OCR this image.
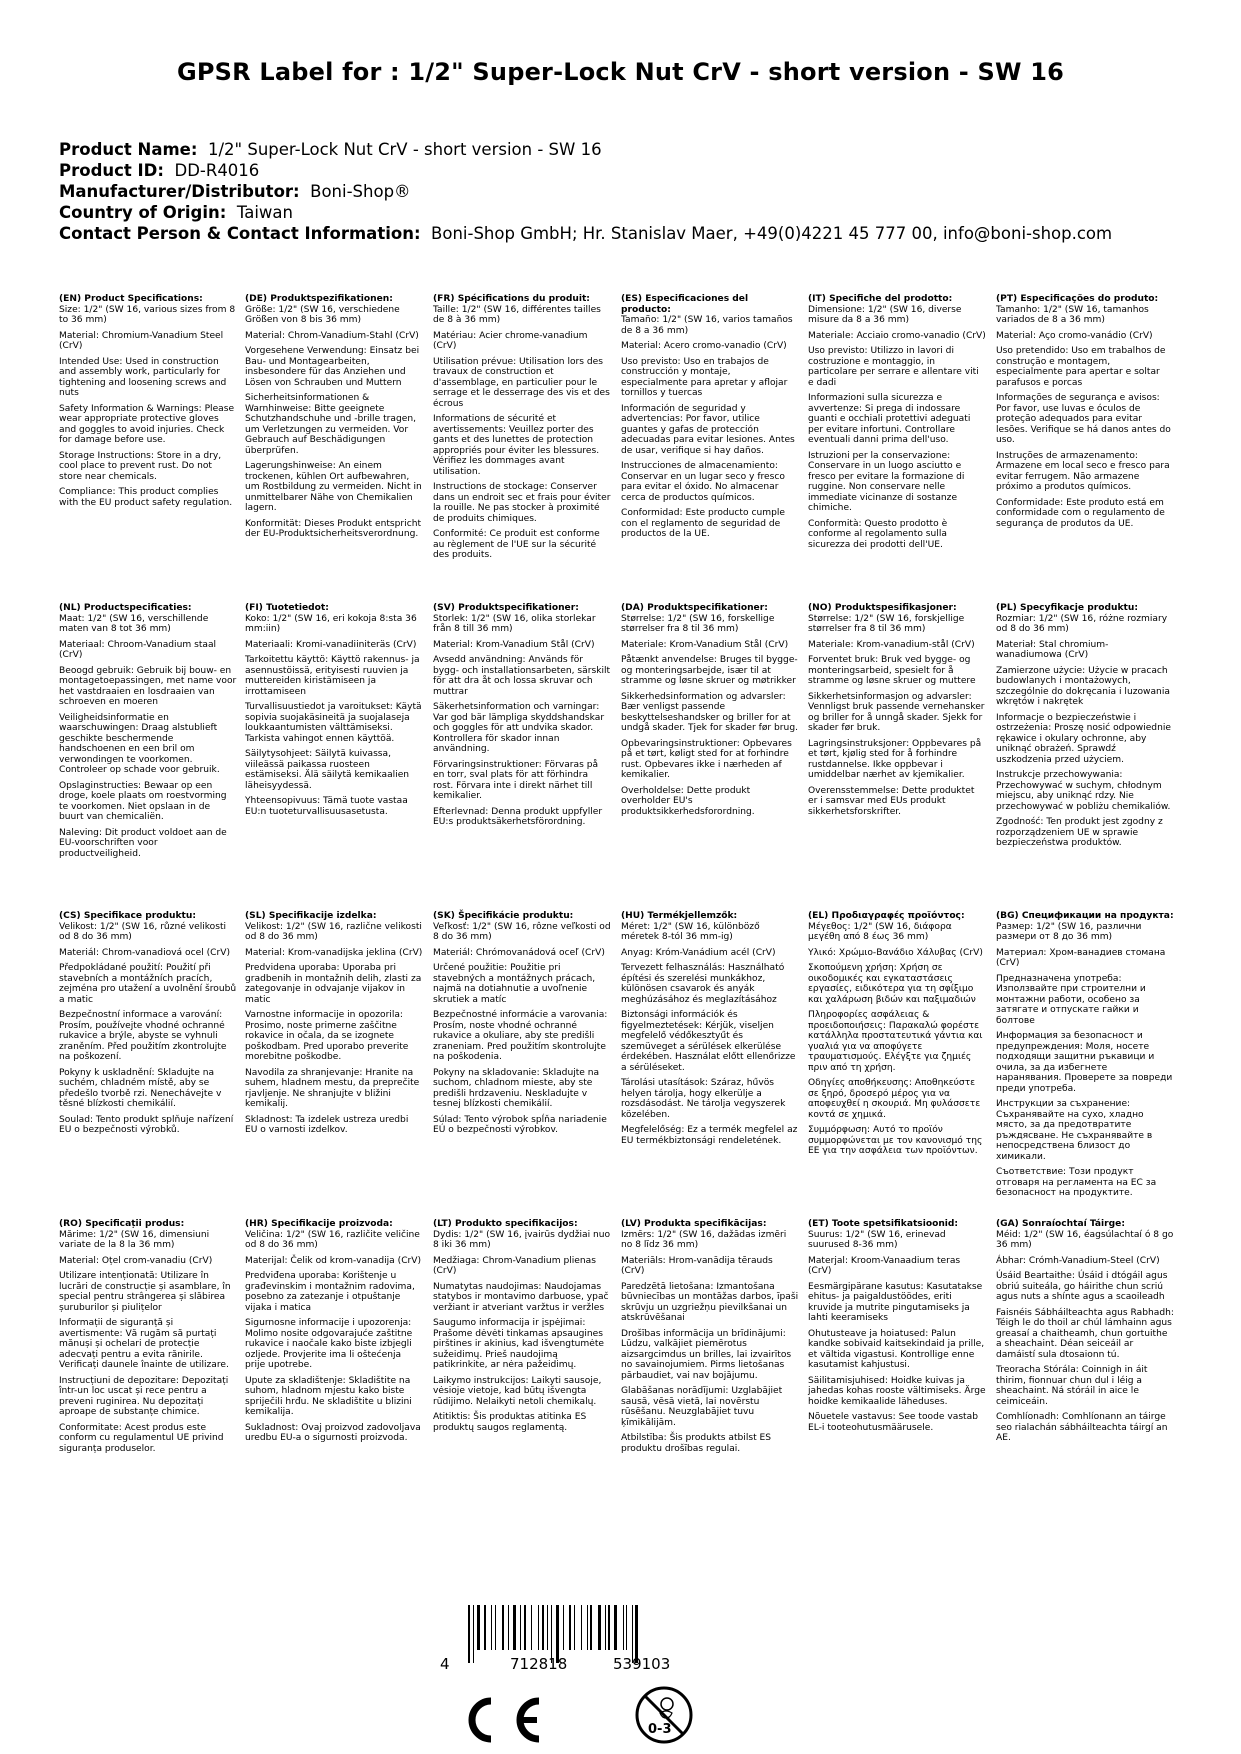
GPSR Label for : 1/2" Super-Lock Nut CrV - short version - SW 16
Product Name: 1/2" Super-Lock Nut CrV - short version - SW 16
Product ID: DD-R4016
Manufacturer/Distributor: Boni-Shop®
Country of Origin: Taiwan
Contact Person & Contact Information: Boni-Shop GmbH; Hr. Stanislav Maer, +49(0)4221 45 777 00, info@boni-shop.com
(EN) Product Specifications:

Size: 1/2" (SW 16, various sizes from 8 to 36 mm)

Material: Chromium-Vanadium Steel (CrV)

Intended Use: Used in construction and assembly work, particularly for tightening and loosening screws and nuts

Safety Information & Warnings: Please wear appropriate protective gloves and goggles to avoid injuries. Check for damage before use.

Storage Instructions: Store in a dry, cool place to prevent rust. Do not store near chemicals.

Compliance: This product complies with the EU product safety regulation.

(DE) Produktspezifikationen:

Größe: 1/2" (SW 16, verschiedene Größen von 8 bis 36 mm)

Material: Chrom-Vanadium-Stahl (CrV)

Vorgesehene Verwendung: Einsatz bei Bau- und Montagearbeiten, insbesondere für das Anziehen und Lösen von Schrauben und Muttern

Sicherheitsinformationen & Warnhinweise: Bitte geeignete Schutzhandschuhe und -brille tragen, um Verletzungen zu vermeiden. Vor Gebrauch auf Beschädigungen überprüfen.

Lagerungshinweise: An einem trockenen, kühlen Ort aufbewahren, um Rostbildung zu vermeiden. Nicht in unmittelbarer Nähe von Chemikalien lagern.

Konformität: Dieses Produkt entspricht der EU-Produktsicherheitsverordnung.

(FR) Spécifications du produit:

Taille: 1/2" (SW 16, différentes tailles de 8 à 36 mm)

Matériau: Acier chrome-vanadium (CrV)

Utilisation prévue: Utilisation lors des travaux de construction et d'assemblage, en particulier pour le serrage et le desserrage des vis et des écrous

Informations de sécurité et avertissements: Veuillez porter des gants et des lunettes de protection appropriés pour éviter les blessures. Vérifiez les dommages avant utilisation.

Instructions de stockage: Conserver dans un endroit sec et frais pour éviter la rouille. Ne pas stocker à proximité de produits chimiques.

Conformité: Ce produit est conforme au règlement de l'UE sur la sécurité des produits.

(ES) Especificaciones del producto:

Tamaño: 1/2" (SW 16, varios tamaños de 8 a 36 mm)

Material: Acero cromo-vanadio (CrV)

Uso previsto: Uso en trabajos de construcción y montaje, especialmente para apretar y aflojar tornillos y tuercas

Información de seguridad y advertencias: Por favor, utilice guantes y gafas de protección adecuadas para evitar lesiones. Antes de usar, verifique si hay daños.

Instrucciones de almacenamiento: Conservar en un lugar seco y fresco para evitar el óxido. No almacenar cerca de productos químicos.

Conformidad: Este producto cumple con el reglamento de seguridad de productos de la UE.

(IT) Specifiche del prodotto:

Dimensione: 1/2" (SW 16, diverse misure da 8 a 36 mm)

Materiale: Acciaio cromo-vanadio (CrV)

Uso previsto: Utilizzo in lavori di costruzione e montaggio, in particolare per serrare e allentare viti e dadi

Informazioni sulla sicurezza e avvertenze: Si prega di indossare guanti e occhiali protettivi adeguati per evitare infortuni. Controllare eventuali danni prima dell'uso.

Istruzioni per la conservazione: Conservare in un luogo asciutto e fresco per evitare la formazione di ruggine. Non conservare nelle immediate vicinanze di sostanze chimiche.

Conformità: Questo prodotto è conforme al regolamento sulla sicurezza dei prodotti dell'UE.

(PT) Especificações do produto:

Tamanho: 1/2" (SW 16, tamanhos variados de 8 a 36 mm)

Material: Aço cromo-vanádio (CrV)

Uso pretendido: Uso em trabalhos de construção e montagem, especialmente para apertar e soltar parafusos e porcas

Informações de segurança e avisos: Por favor, use luvas e óculos de proteção adequados para evitar lesões. Verifique se há danos antes do uso.

Instruções de armazenamento: Armazene em local seco e fresco para evitar ferrugem. Não armazene próximo a produtos químicos.

Conformidade: Este produto está em conformidade com o regulamento de segurança de produtos da UE.

(NL) Productspecificaties:

Maat: 1/2" (SW 16, verschillende maten van 8 tot 36 mm)

Materiaal: Chroom-Vanadium staal (CrV)

Beoogd gebruik: Gebruik bij bouw- en montagetoepassingen, met name voor het vastdraaien en losdraaien van schroeven en moeren

Veiligheidsinformatie en waarschuwingen: Draag alstublieft geschikte beschermende handschoenen en een bril om verwondingen te voorkomen. Controleer op schade voor gebruik.

Opslaginstructies: Bewaar op een droge, koele plaats om roestvorming te voorkomen. Niet opslaan in de buurt van chemicaliën.

Naleving: Dit product voldoet aan de EU-voorschriften voor productveiligheid.

(FI) Tuotetiedot:

Koko: 1/2" (SW 16, eri kokoja 8:sta 36 mm:iin)

Materiaali: Kromi-vanadiiniteräs (CrV)

Tarkoitettu käyttö: Käyttö rakennus- ja asennustöissä, erityisesti ruuvien ja muttereiden kiristämiseen ja irrottamiseen

Turvallisuustiedot ja varoitukset: Käytä sopivia suojakäsineitä ja suojalaseja loukkaantumisten välttämiseksi. Tarkista vahingot ennen käyttöä.

Säilytysohjeet: Säilytä kuivassa, viileässä paikassa ruosteen estämiseksi. Älä säilytä kemikaalien läheisyydessä.

Yhteensopivuus: Tämä tuote vastaa EU:n tuoteturvallisuusasetusta.

(SV) Produktspecifikationer:

Storlek: 1/2" (SW 16, olika storlekar från 8 till 36 mm)

Material: Krom-Vanadium Stål (CrV)

Avsedd användning: Används för bygg- och installationsarbeten, särskilt för att dra åt och lossa skruvar och muttrar

Säkerhetsinformation och varningar: Var god bär lämpliga skyddshandskar och goggles för att undvika skador. Kontrollera för skador innan användning.

Förvaringsinstruktioner: Förvaras på en torr, sval plats för att förhindra rost. Förvara inte i direkt närhet till kemikalier.

Efterlevnad: Denna produkt uppfyller EU:s produktsäkerhetsförordning.

(DA) Produktspecifikationer:

Størrelse: 1/2" (SW 16, forskellige størrelser fra 8 til 36 mm)

Materiale: Krom-Vanadium Stål (CrV)

Påtænkt anvendelse: Bruges til bygge- og monteringsarbejde, især til at stramme og løsne skruer og møtrikker

Sikkerhedsinformation og advarsler: Bær venligst passende beskyttelseshandsker og briller for at undgå skader. Tjek for skader før brug.

Opbevaringsinstruktioner: Opbevares på et tørt, køligt sted for at forhindre rust. Opbevares ikke i nærheden af kemikalier.

Overholdelse: Dette produkt overholder EU's produktsikkerhedsforordning.

(NO) Produktspesifikasjoner:

Størrelse: 1/2" (SW 16, forskjellige størrelser fra 8 til 36 mm)

Materiale: Krom-vanadium-stål (CrV)

Forventet bruk: Bruk ved bygge- og monteringsarbeid, spesielt for å stramme og løsne skruer og muttere

Sikkerhetsinformasjon og advarsler: Vennligst bruk passende vernehansker og briller for å unngå skader. Sjekk for skader før bruk.

Lagringsinstruksjoner: Oppbevares på et tørt, kjølig sted for å forhindre rustdannelse. Ikke oppbevar i umiddelbar nærhet av kjemikalier.

Overensstemmelse: Dette produktet er i samsvar med EUs produkt sikkerhetsforskrifter.

(PL) Specyfikacje produktu:

Rozmiar: 1/2" (SW 16, różne rozmiary od 8 do 36 mm)

Materiał: Stal chromium-wanadiumowa (CrV)

Zamierzone użycie: Użycie w pracach budowlanych i montażowych, szczególnie do dokręcania i luzowania wkrętów i nakrętek

Informacje o bezpieczeństwie i ostrzeżenia: Proszę nosić odpowiednie rękawice i okulary ochronne, aby uniknąć obrażeń. Sprawdź uszkodzenia przed użyciem.

Instrukcje przechowywania: Przechowywać w suchym, chłodnym miejscu, aby uniknąć rdzy. Nie przechowywać w pobliżu chemikaliów.

Zgodność: Ten produkt jest zgodny z rozporządzeniem UE w sprawie bezpieczeństwa produktów.

(CS) Specifikace produktu:

Velikost: 1/2" (SW 16, různé velikosti od 8 do 36 mm)

Materiál: Chrom-vanadiová ocel (CrV)

Předpokládané použití: Použití při stavebních a montážních pracích, zejména pro utažení a uvolnění šroubů a matic

Bezpečnostní informace a varování: Prosím, používejte vhodné ochranné rukavice a brýle, abyste se vyhnuli zraněním. Před použitím zkontrolujte na poškození.

Pokyny k uskladnění: Skladujte na suchém, chladném místě, aby se předešlo tvorbě rzi. Nenechávejte v těsné blízkosti chemikálií.

Soulad: Tento produkt splňuje nařízení EU o bezpečnosti výrobků.

(SL) Specifikacije izdelka:

Velikost: 1/2" (SW 16, različne velikosti od 8 do 36 mm)

Material: Krom-vanadijska jeklina (CrV)

Predvidena uporaba: Uporaba pri gradbenih in montažnih delih, zlasti za zategovanje in odvajanje vijakov in matic

Varnostne informacije in opozorila: Prosimo, noste primerne zaščitne rokavice in očala, da se izognete poškodbam. Pred uporabo preverite morebitne poškodbe.

Navodila za shranjevanje: Hranite na suhem, hladnem mestu, da preprečite rjavljenje. Ne shranjujte v bližini kemikalij.

Skladnost: Ta izdelek ustreza uredbi EU o varnosti izdelkov.

(SK) Špecifikácie produktu:

Veľkosť: 1/2" (SW 16, rôzne veľkosti od 8 do 36 mm)

Materiál: Chrómovanádová oceľ (CrV)

Určené použitie: Použitie pri stavebných a montážnych prácach, najmä na dotiahnutie a uvoľnenie skrutiek a matíc

Bezpečnostné informácie a varovania: Prosím, noste vhodné ochranné rukavice a okuliare, aby ste predišli zraneniam. Pred použitím skontrolujte na poškodenia.

Pokyny na skladovanie: Skladujte na suchom, chladnom mieste, aby ste predišli hrdzaveniu. Neskladujte v tesnej blízkosti chemikálií.

Súlad: Tento výrobok spĺňa nariadenie EÚ o bezpečnosti výrobkov.

(HU) Termékjellemzők:

Méret: 1/2" (SW 16, különböző méretek 8-tól 36 mm-ig)

Anyag: Króm-Vanádium acél (CrV)

Tervezett felhasználás: Használható építési és szerelési munkákhoz, különösen csavarok és anyák meghúzásához és meglazításához

Biztonsági információk és figyelmeztetések: Kérjük, viseljen megfelelő védőkesztyűt és szemüveget a sérülések elkerülése érdekében. Használat előtt ellenőrizze a sérüléseket.

Tárolási utasítások: Száraz, hűvös helyen tárolja, hogy elkerülje a rozsdásodást. Ne tárolja vegyszerek közelében.

Megfelelőség: Ez a termék megfelel az EU termékbiztonsági rendeletének.

(EL) Προδιαγραφές προϊόντος:

Μέγεθος: 1/2" (SW 16, διάφορα μεγέθη από 8 έως 36 mm)

Υλικό: Χρώμιο-Βανάδιο Χάλυβας (CrV)

Σκοπούμενη χρήση: Χρήση σε οικοδομικές και εγκαταστάσεις εργασίες, ειδικότερα για τη σφίξιμο και χαλάρωση βιδών και παξιμαδιών

Πληροφορίες ασφάλειας & προειδοποιήσεις: Παρακαλώ φορέστε κατάλληλα προστατευτικά γάντια και γυαλιά για να αποφύγετε τραυματισμούς. Ελέγξτε για ζημιές πριν από τη χρήση.

Οδηγίες αποθήκευσης: Αποθηκεύστε σε ξηρό, δροσερό μέρος για να αποφευχθεί η σκουριά. Μη φυλάσσετε κοντά σε χημικά.

Συμμόρφωση: Αυτό το προϊόν συμμορφώνεται με τον κανονισμό της ΕΕ για την ασφάλεια των προϊόντων.

(BG) Спецификации на продукта:

Размер: 1/2" (SW 16, различни размери от 8 до 36 mm)

Материал: Хром-ванадиев стомана (CrV)

Предназначена употреба: Използвайте при строителни и монтажни работи, особено за затягате и отпускате гайки и болтове

Информация за безопасност и предупреждения: Моля, носете подходящи защитни ръкавици и очила, за да избегнете наранявания. Проверете за повреди преди употреба.

Инструкции за съхранение: Съхранявайте на сухо, хладно място, за да предотвратите ръждясване. Не съхранявайте в непосредствена близост до химикали.

Съответствие: Този продукт отговаря на регламента на ЕС за безопасност на продуктите.

(RO) Specificații produs:

Mărime: 1/2" (SW 16, dimensiuni variate de la 8 la 36 mm)

Material: Oțel crom-vanadiu (CrV)

Utilizare intenționată: Utilizare în lucrări de construcție și asamblare, în special pentru strângerea și slăbirea șuruburilor și piulițelor

Informații de siguranță și avertismente: Vă rugăm să purtați mănuși și ochelari de protecție adecvați pentru a evita rănirile. Verificați daunele înainte de utilizare.

Instrucțiuni de depozitare: Depozitați într-un loc uscat și rece pentru a preveni ruginirea. Nu depozitați aproape de substanțe chimice.

Conformitate: Acest produs este conform cu regulamentul UE privind siguranța produselor.

(HR) Specifikacije proizvoda:

Veličina: 1/2" (SW 16, različite veličine od 8 do 36 mm)

Materijal: Čelik od krom-vanadija (CrV)

Predviđena uporaba: Korištenje u građevinskim i montažnim radovima, posebno za zatezanje i otpuštanje vijaka i matica

Sigurnosne informacije i upozorenja: Molimo nosite odgovarajuće zaštitne rukavice i naočale kako biste izbjegli ozljede. Provjerite ima li oštećenja prije upotrebe.

Upute za skladištenje: Skladištite na suhom, hladnom mjestu kako biste spriječili hrđu. Ne skladištite u blizini kemikalija.

Sukladnost: Ovaj proizvod zadovoljava uredbu EU-a o sigurnosti proizvoda.

(LT) Produkto specifikacijos:

Dydis: 1/2" (SW 16, įvairūs dydžiai nuo 8 iki 36 mm)

Medžiaga: Chrom-Vanadium plienas (CrV)

Numatytas naudojimas: Naudojamas statybos ir montavimo darbuose, ypač veržiant ir atveriant varžtus ir veržles

Saugumo informacija ir įspėjimai: Prašome dėvėti tinkamas apsaugines pirštines ir akinius, kad išvengtumėte sužeidimų. Prieš naudojimą patikrinkite, ar nėra pažeidimų.

Laikymo instrukcijos: Laikyti sausoje, vėsioje vietoje, kad būtų išvengta rūdijimo. Nelaikyti netoli chemikalų.

Atitiktis: Šis produktas atitinka ES produktų saugos reglamentą.

(LV) Produkta specifikācijas:

Izmērs: 1/2" (SW 16, dažādas izmēri no 8 līdz 36 mm)

Materiāls: Hrom-vanādija tērauds (CrV)

Paredzētā lietošana: Izmantošana būvniecības un montāžas darbos, īpaši skrūvju un uzgriežņu pievilkšanai un atskrūvēšanai

Drošības informācija un brīdinājumi: Lūdzu, valkājiet piemērotus aizsargcimdus un brilles, lai izvairītos no savainojumiem. Pirms lietošanas pārbaudiet, vai nav bojājumu.

Glabāšanas norādījumi: Uzglabājiet sausā, vēsā vietā, lai novērstu rūsēšanu. Neuzglabājiet tuvu ķīmikālijām.

Atbilstība: Šis produkts atbilst ES produktu drošības regulai.

(ET) Toote spetsifikatsioonid:

Suurus: 1/2" (SW 16, erinevad suurused 8-36 mm)

Materjal: Kroom-Vanaadium teras (CrV)

Eesmärgipärane kasutus: Kasutatakse ehitus- ja paigaldustöödes, eriti kruvide ja mutrite pingutamiseks ja lahti keeramiseks

Ohutusteave ja hoiatused: Palun kandke sobivaid kaitsekindaid ja prille, et vältida vigastusi. Kontrollige enne kasutamist kahjustusi.

Säilitamisjuhised: Hoidke kuivas ja jahedas kohas rooste vältimiseks. Ärge hoidke kemikaalide läheduses.

Nõuetele vastavus: See toode vastab EL-i tooteohutusmäärusele.

(GA) Sonraíochtaí Táirge:

Méid: 1/2" (SW 16, éagsúlachtaí ó 8 go 36 mm)

Ábhar: Crómh-Vanadium-Steel (CrV)

Úsáid Beartaithe: Úsáid i dtógáil agus obriú suiteála, go háirithe chun scriú agus nuts a shínte agus a scaoileadh

Faisnéis Sábháilteachta agus Rabhadh: Téigh le do thoil ar chúl lámhainn agus greasaí a chaitheamh, chun gortuithe a sheachaint. Déan seiceáil ar damáistí sula dtosaionn tú.

Treoracha Stórála: Coinnigh in áit thirim, fionnuar chun dul i léig a sheachaint. Ná stóráil in aice le ceimiceáin.

Comhlíonadh: Comhlíonann an táirge seo rialachán sábháilteachta táirgí an AE.

4	712818	539103
0-3
